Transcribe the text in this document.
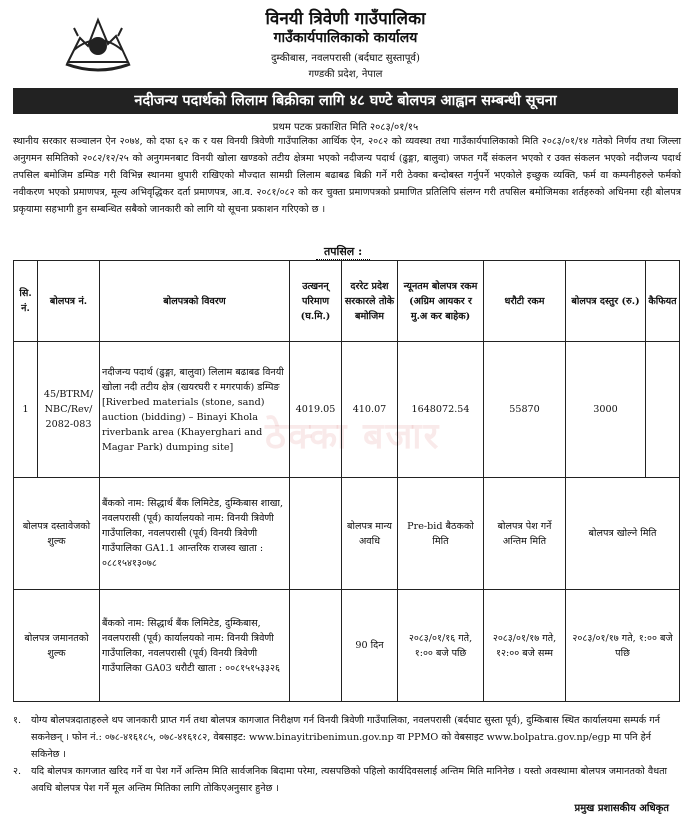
विनयी त्रिवेणी गाउँपालिका
गाउँकार्यपालिकाको कार्यालय
दुम्कीबास, नवलपरासी (बर्दघाट सुस्तापूर्व)
गण्डकी प्रदेश, नेपाल
नदीजन्य पदार्थको लिलाम बिक्रीका लागि ४८ घण्टे बोलपत्र आह्वान सम्बन्धी सूचना
प्रथम पटक प्रकाशित मिति २०८३/०१/१५
स्थानीय सरकार सञ्चालन ऐन २०७४, को दफा ६२ क र यस विनयी त्रिवेणी गाउँपालिका आर्थिक ऐन, २०८२ को व्यवस्था तथा गाउँकार्यपालिकाको मिति २०८३/०१/१४ गतेको निर्णय तथा जिल्ला अनुगमन समितिको २०८२/१२/२५ को अनुगमनबाट विनयी खोला खण्डको तटीय क्षेत्रमा भएको नदीजन्य पदार्थ (ढुङ्गा, बालुवा) जफत गर्दै संकलन भएको र उक्त संकलन भएको नदीजन्य पदार्थ तपसिल बमोजिम डम्पिङ गरी विभिन्न स्थानमा थुपारी राखिएको मौज्दात सामग्री लिलाम बढाबढ बिक्री गर्ने गरी ठेक्का बन्दोबस्त गर्नुपर्ने भएकोले इच्छुक व्यक्ति, फर्म वा कम्पनीहरुले फर्मको नवीकरण भएको प्रमाणपत्र, मूल्य अभिवृद्धिकर दर्ता प्रमाणपत्र, आ.व. २०८१/०८२ को कर चुक्ता प्रमाणपत्रको प्रमाणित प्रतिलिपि संलग्न गरी तपसिल बमोजिमका शर्तहरुको अधिनमा रही बोलपत्र प्रकृयामा सहभागी हुन सम्बन्धित सबैको जानकारी को लागि यो सूचना प्रकाशन गरिएको छ ।
तपसिल :
ठेक्का बजार
सि. नं.	बोलपत्र नं.	बोलपत्रको विवरण	उत्खनन् परिमाण (घ.मि.)	दररेट प्रदेश सरकारले तोके बमोजिम	न्यूनतम बोलपत्र रकम (अग्रिम आयकर र मु.अ कर बाहेक)	धरौटी रकम	बोलपत्र दस्तुर (रु.)	कैफियत
1	45/BTRM/ NBC/Rev/ 2082-083	नदीजन्य पदार्थ (ढुङ्गा, बालुवा) लिलाम बढाबढ विनयी खोला नदी तटीय क्षेत्र (खयरघरी र मगरपार्क) डम्पिङ [Riverbed materials (stone, sand) auction (bidding) – Binayi Khola riverbank area (Khayerghari and Magar Park) dumping site]	4019.05	410.07	1648072.54	55870	3000	
बोलपत्र दस्तावेजको शुल्क		बैंकको नाम: सिद्धार्थ बैंक लिमिटेड, दुम्किबास शाखा, नवलपरासी (पूर्व) कार्यालयको नाम: विनयी त्रिवेणी गाउँपालिका, नवलपरासी (पूर्व) विनयी त्रिवेणी गाउँपालिका GA1.1 आन्तरिक राजस्व खाता : ०८८१५४१३०७८		बोलपत्र मान्य अवधि	Pre-bid बैठकको मिति	बोलपत्र पेश गर्ने अन्तिम मिति	बोलपत्र खोल्ने मिति	
बोलपत्र जमानतको शुल्क		बैंकको नाम: सिद्धार्थ बैंक लिमिटेड, दुम्किबास, नवलपरासी (पूर्व) कार्यालयको नाम: विनयी त्रिवेणी गाउँपालिका, नवलपरासी (पूर्व) विनयी त्रिवेणी गाउँपालिका GA03 धरौटी खाता : ००८१५१५३३२६		90 दिन	२०८३/०१/१६ गते, १:०० बजे पछि	२०८३/०१/१७ गते, १२:०० बजे सम्म	२०८३/०१/१७ गते, १:०० बजे पछि	
१.	योग्य बोलपत्रदाताहरुले थप जानकारी प्राप्त गर्न तथा बोलपत्र कागजात निरीक्षण गर्न विनयी त्रिवेणी गाउँपालिका, नवलपरासी (बर्दघाट सुस्ता पूर्व), दुम्किबास स्थित कार्यालयमा सम्पर्क गर्न सकनेछन् । फोन नं.: ०७८-४१६१८५, ०७८-४१६१८२, वेबसाइट: www.binayitribenimun.gov.np वा PPMO को वेबसाइट www.bolpatra.gov.np/egp मा पनि हेर्न सकिनेछ ।
२.	यदि बोलपत्र कागजात खरिद गर्ने वा पेश गर्ने अन्तिम मिति सार्वजनिक बिदामा परेमा, त्यसपछिको पहिलो कार्यदिवसलाई अन्तिम मिति मानिनेछ । यस्तो अवस्थामा बोलपत्र जमानतको वैधता अवधि बोलपत्र पेश गर्ने मूल अन्तिम मितिका लागि तोकिएअनुसार हुनेछ ।
प्रमुख प्रशासकीय अधिकृत
